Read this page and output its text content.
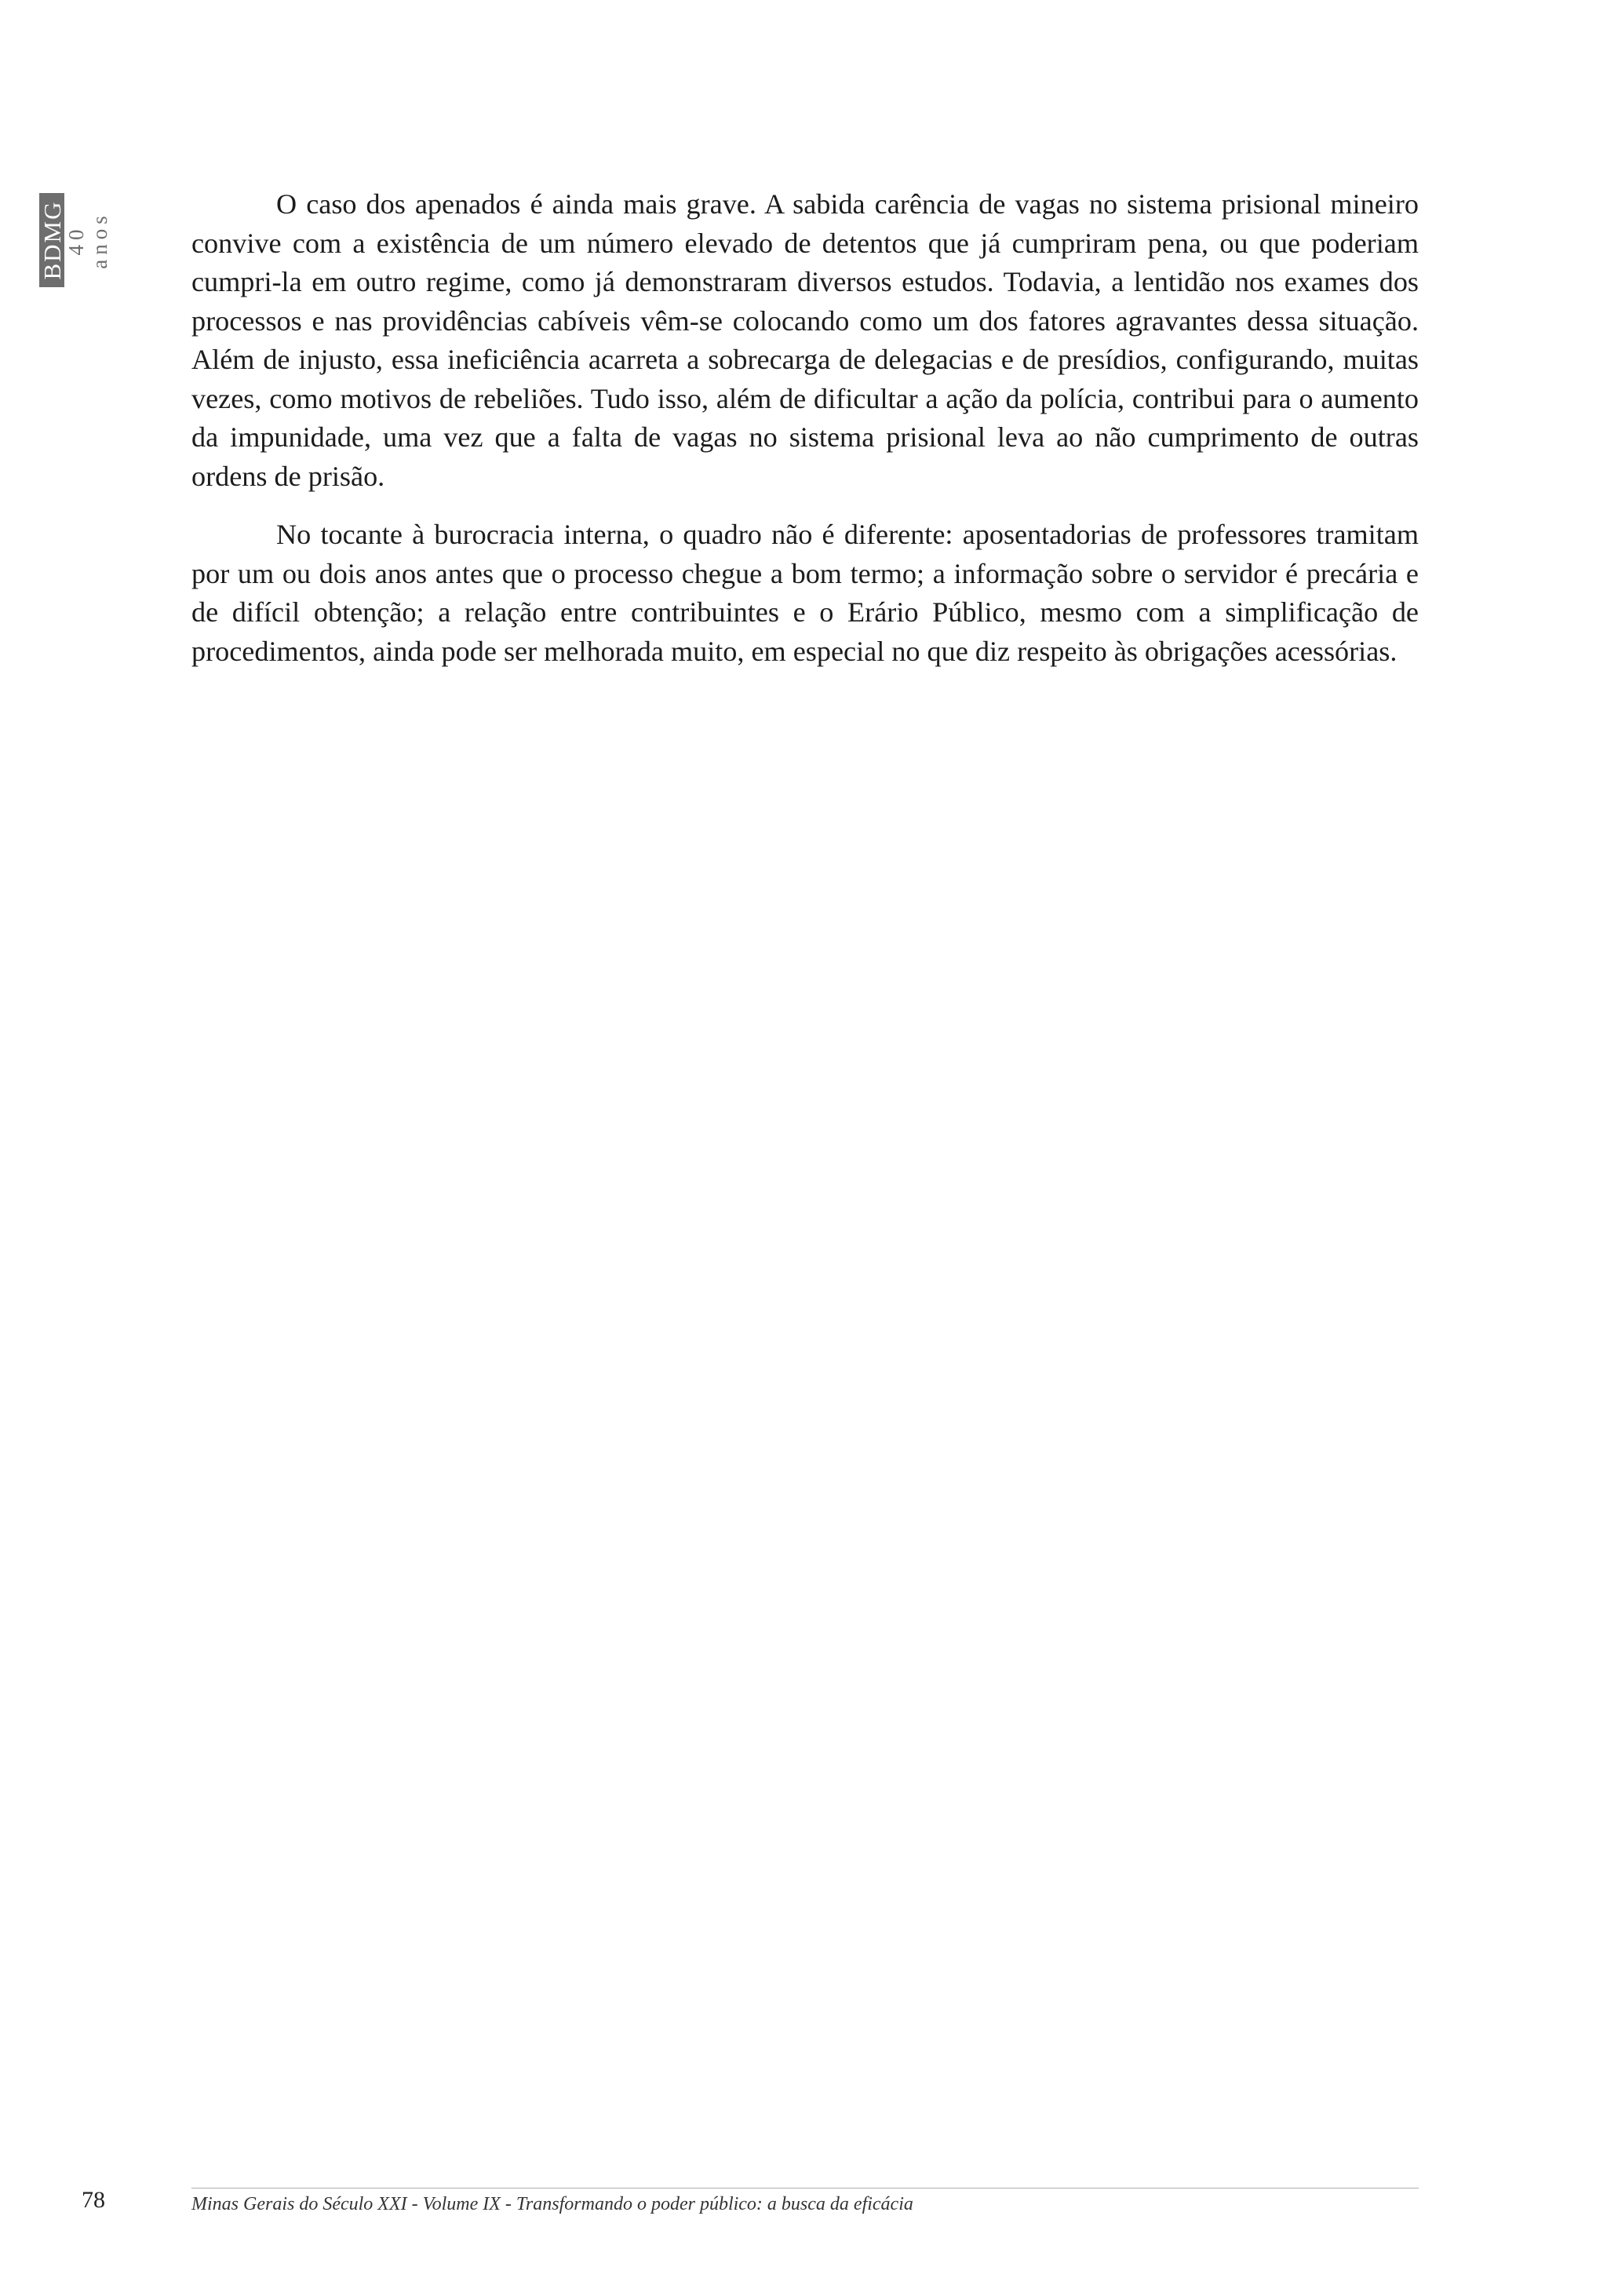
BDMG
40 anos

O caso dos apenados é ainda mais grave. A sabida carência de vagas no sistema prisional mineiro convive com a existência de um número elevado de detentos que já cumpriram pena, ou que poderiam cumpri-la em outro regime, como já demonstraram diversos estudos. Todavia, a lentidão nos exames dos processos e nas providências cabíveis vêm-se colocando como um dos fatores agravantes dessa situação. Além de injusto, essa ineficiência acarreta a sobrecarga de delegacias e de presídios, configurando, muitas vezes, como motivos de rebeliões. Tudo isso, além de dificultar a ação da polícia, contribui para o aumento da impunidade, uma vez que a falta de vagas no sistema prisional leva ao não cumprimento de outras ordens de prisão.

No tocante à burocracia interna, o quadro não é diferente: aposentadorias de professores tramitam por um ou dois anos antes que o processo chegue a bom termo; a informação sobre o servidor é precária e de difícil obtenção; a relação entre contribuintes e o Erário Público, mesmo com a simplificação de procedimentos, ainda pode ser melhorada muito, em especial no que diz respeito às obrigações acessórias.

78	Minas Gerais do Século XXI - Volume IX - Transformando o poder público: a busca da eficácia
